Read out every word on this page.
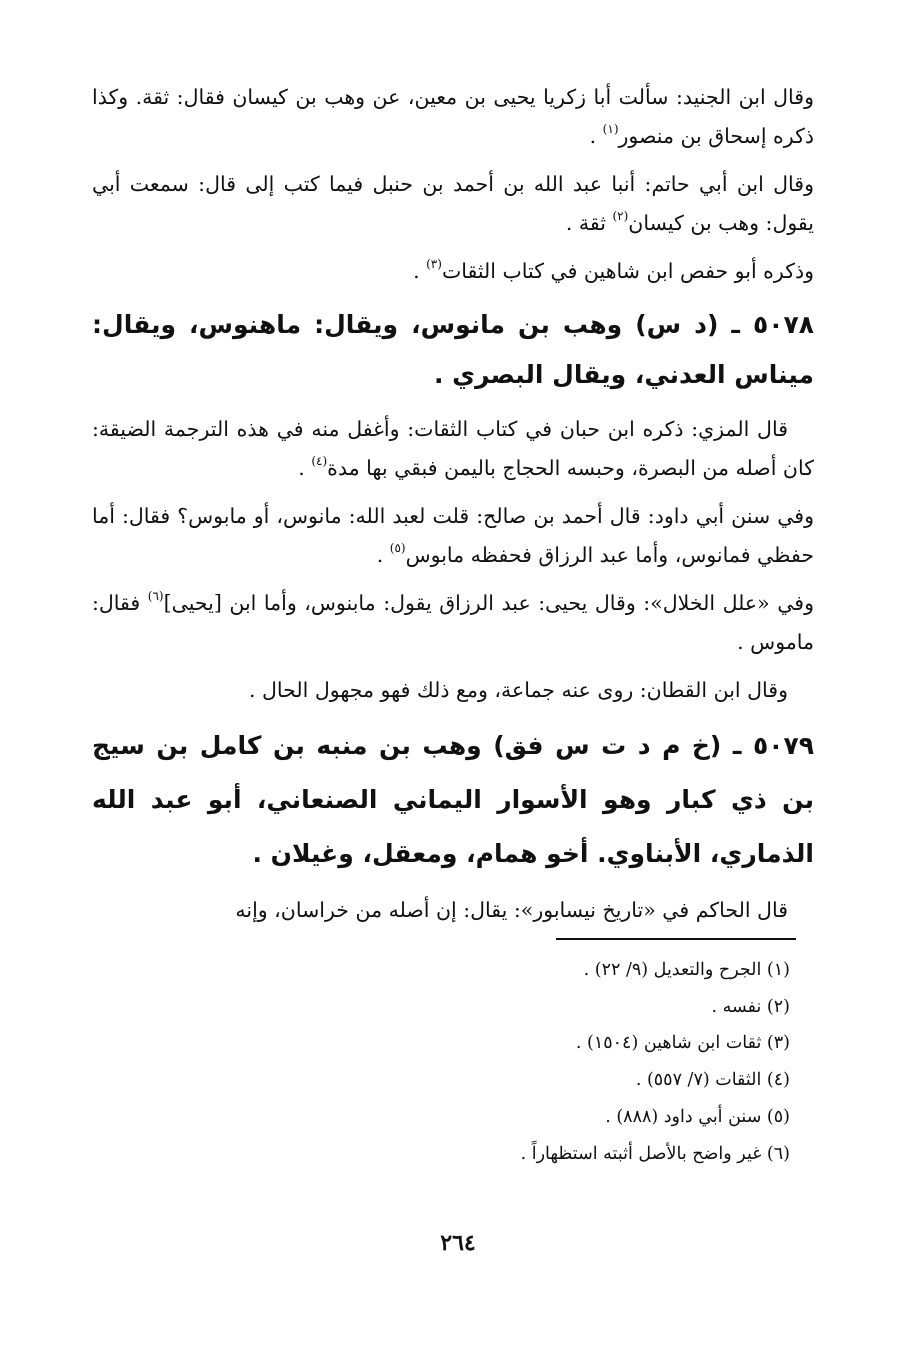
وقال ابن الجنيد: سألت أبا زكريا يحيى بن معين، عن وهب بن كيسان فقال: ثقة. وكذا ذكره إسحاق بن منصور$^{(١)}$ .

وقال ابن أبي حاتم: أنبا عبد الله بن أحمد بن حنبل فيما كتب إلى قال: سمعت أبي يقول: وهب بن كيسان$^{(٢)}$ ثقة .

وذكره أبو حفص ابن شاهين في كتاب الثقات$^{(٣)}$ .

٥٠٧٨ ـ (د س) وهب بن مانوس، ويقال: ماهنوس، ويقال: ميناس العدني، ويقال البصري .

قال المزي: ذكره ابن حبان في كتاب الثقات: وأغفل منه في هذه الترجمة الضيقة: كان أصله من البصرة، وحبسه الحجاج باليمن فبقي بها مدة$^{(٤)}$ .

وفي سنن أبي داود: قال أحمد بن صالح: قلت لعبد الله: مانوس، أو مابوس؟ فقال: أما حفظي فمانوس، وأما عبد الرزاق فحفظه مابوس$^{(٥)}$ .

وفي «علل الخلال»: وقال يحيى: عبد الرزاق يقول: مابنوس، وأما ابن [يحيى]$^{(٦)}$ فقال: ماموس .

وقال ابن القطان: روى عنه جماعة، ومع ذلك فهو مجهول الحال .

٥٠٧٩ ـ (خ م د ت س فق) وهب بن منبه بن كامل بن سيج بن ذي كبار وهو الأسوار اليماني الصنعاني، أبو عبد الله الذماري، الأبناوي. أخو همام، ومعقل، وغيلان .

قال الحاكم في «تاريخ نيسابور»: يقال: إن أصله من خراسان، وإنه

(١) الجرح والتعديل (٩/ ٢٢) .
(٢) نفسه .
(٣) ثقات ابن شاهين (١٥٠٤) .
(٤) الثقات (٧/ ٥٥٧) .
(٥) سنن أبي داود (٨٨٨) .
(٦) غير واضح بالأصل أثبته استظهاراً .
٢٦٤
